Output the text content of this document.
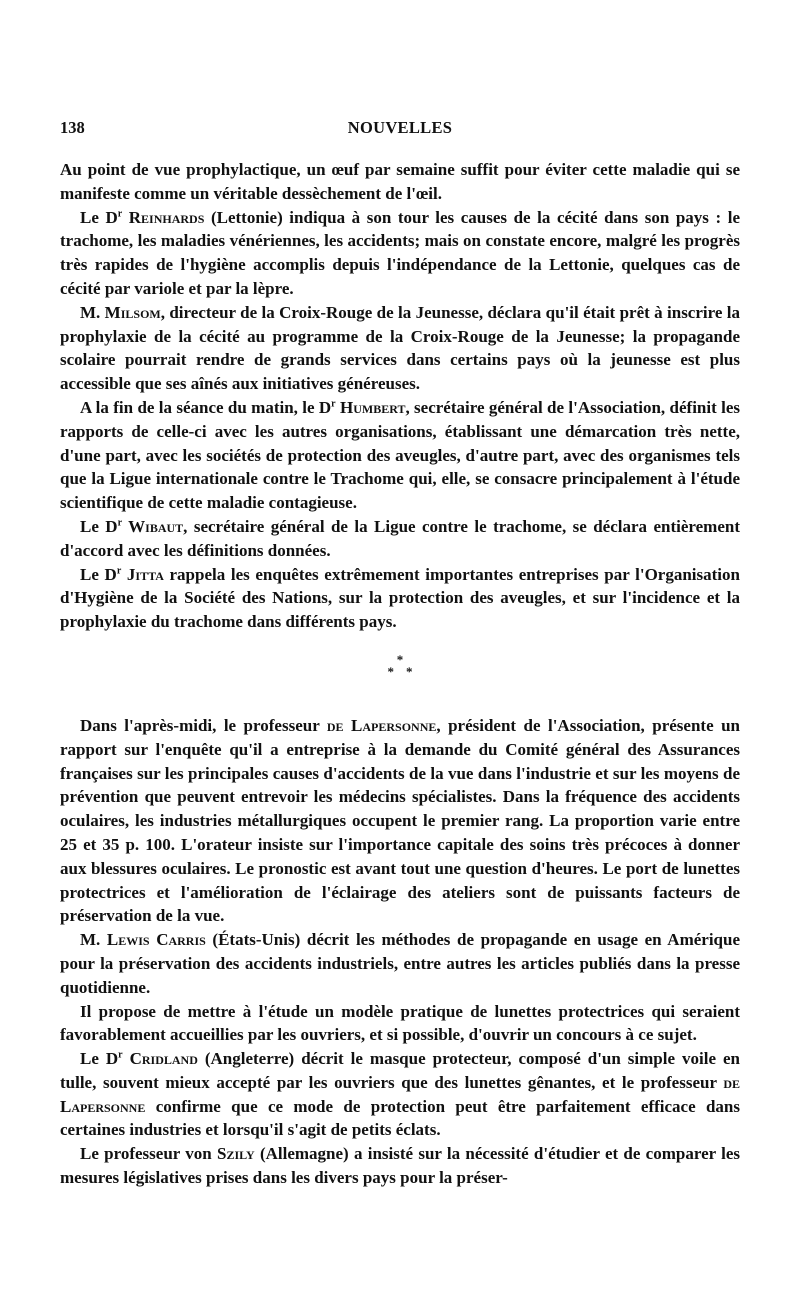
138	NOUVELLES

Au point de vue prophylactique, un œuf par semaine suffit pour éviter cette maladie qui se manifeste comme un véritable dessèchement de l'œil.

Le $D^r$ Reinhards (Lettonie) indiqua à son tour les causes de la cécité dans son pays : le trachome, les maladies vénériennes, les accidents; mais on constate encore, malgré les progrès très rapides de l'hygiène accomplis depuis l'indépendance de la Lettonie, quelques cas de cécité par variole et par la lèpre.

M. Milsom, directeur de la Croix-Rouge de la Jeunesse, déclara qu'il était prêt à inscrire la prophylaxie de la cécité au programme de la Croix-Rouge de la Jeunesse; la propagande scolaire pourrait rendre de grands services dans certains pays où la jeunesse est plus accessible que ses aînés aux initiatives généreuses.

A la fin de la séance du matin, le $D^r$ Humbert, secrétaire général de l'Association, définit les rapports de celle-ci avec les autres organisations, établissant une démarcation très nette, d'une part, avec les sociétés de protection des aveugles, d'autre part, avec des organismes tels que la Ligue internationale contre le Trachome qui, elle, se consacre principalement à l'étude scientifique de cette maladie contagieuse.

Le $D^r$ Wibaut, secrétaire général de la Ligue contre le trachome, se déclara entièrement d'accord avec les définitions données.

Le $D^r$ Jitta rappela les enquêtes extrêmement importantes entreprises par l'Organisation d'Hygiène de la Société des Nations, sur la protection des aveugles, et sur l'incidence et la prophylaxie du trachome dans différents pays.

*
**

Dans l'après-midi, le professeur de Lapersonne, président de l'Association, présente un rapport sur l'enquête qu'il a entreprise à la demande du Comité général des Assurances françaises sur les principales causes d'accidents de la vue dans l'industrie et sur les moyens de prévention que peuvent entrevoir les médecins spécialistes. Dans la fréquence des accidents oculaires, les industries métallurgiques occupent le premier rang. La proportion varie entre 25 et 35 p. 100. L'orateur insiste sur l'importance capitale des soins très précoces à donner aux blessures oculaires. Le pronostic est avant tout une question d'heures. Le port de lunettes protectrices et l'amélioration de l'éclairage des ateliers sont de puissants facteurs de préservation de la vue.

M. Lewis Carris (États-Unis) décrit les méthodes de propagande en usage en Amérique pour la préservation des accidents industriels, entre autres les articles publiés dans la presse quotidienne.

Il propose de mettre à l'étude un modèle pratique de lunettes protectrices qui seraient favorablement accueillies par les ouvriers, et si possible, d'ouvrir un concours à ce sujet.

Le $D^r$ Cridland (Angleterre) décrit le masque protecteur, composé d'un simple voile en tulle, souvent mieux accepté par les ouvriers que des lunettes gênantes, et le professeur de Lapersonne confirme que ce mode de protection peut être parfaitement efficace dans certaines industries et lorsqu'il s'agit de petits éclats.

Le professeur von Szily (Allemagne) a insisté sur la nécessité d'étudier et de comparer les mesures législatives prises dans les divers pays pour la préser-
